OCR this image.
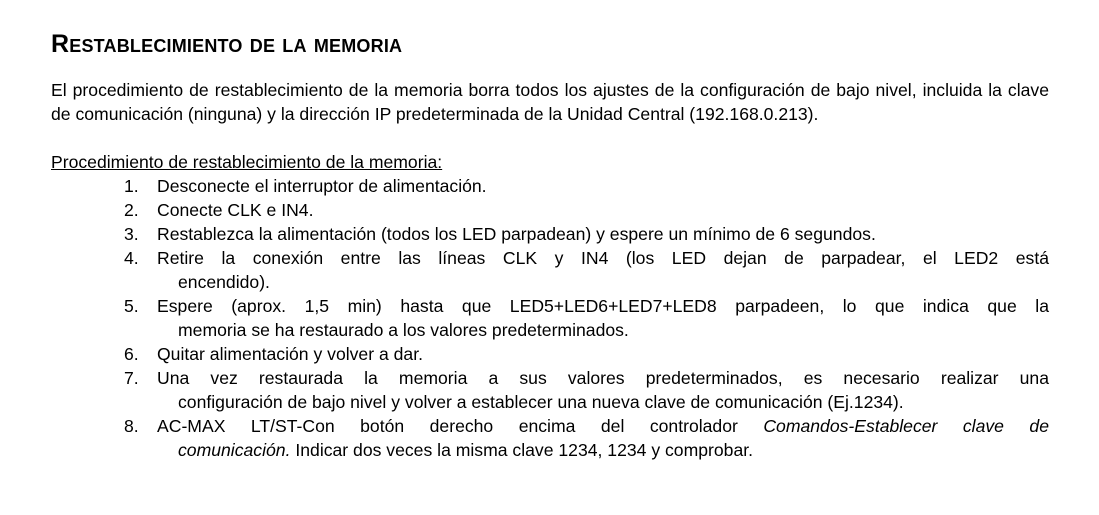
Restablecimiento de la memoria

El procedimiento de restablecimiento de la memoria borra todos los ajustes de la configuración de bajo nivel, incluida la clave de comunicación (ninguna) y la dirección IP predeterminada de la Unidad Central (192.168.0.213).

Procedimiento de restablecimiento de la memoria:

1.	Desconecte el interruptor de alimentación.
2.	Conecte CLK e IN4.
3.	Restablezca la alimentación (todos los LED parpadean) y espere un mínimo de 6 segundos.
4.	Retire la conexión entre las líneas CLK y IN4 (los LED dejan de parpadear, el LED2 está
encendido).
5.	Espere (aprox. 1,5 min) hasta que LED5+LED6+LED7+LED8 parpadeen, lo que indica que la
memoria se ha restaurado a los valores predeterminados.
6.	Quitar alimentación y volver a dar.
7.	Una vez restaurada la memoria a sus valores predeterminados, es necesario realizar una
configuración de bajo nivel y volver a establecer una nueva clave de comunicación (Ej.1234).
8.	AC-MAX LT/ST-Con botón derecho encima del controlador Comandos-Establecer clave de
comunicación. Indicar dos veces la misma clave 1234, 1234 y comprobar.
